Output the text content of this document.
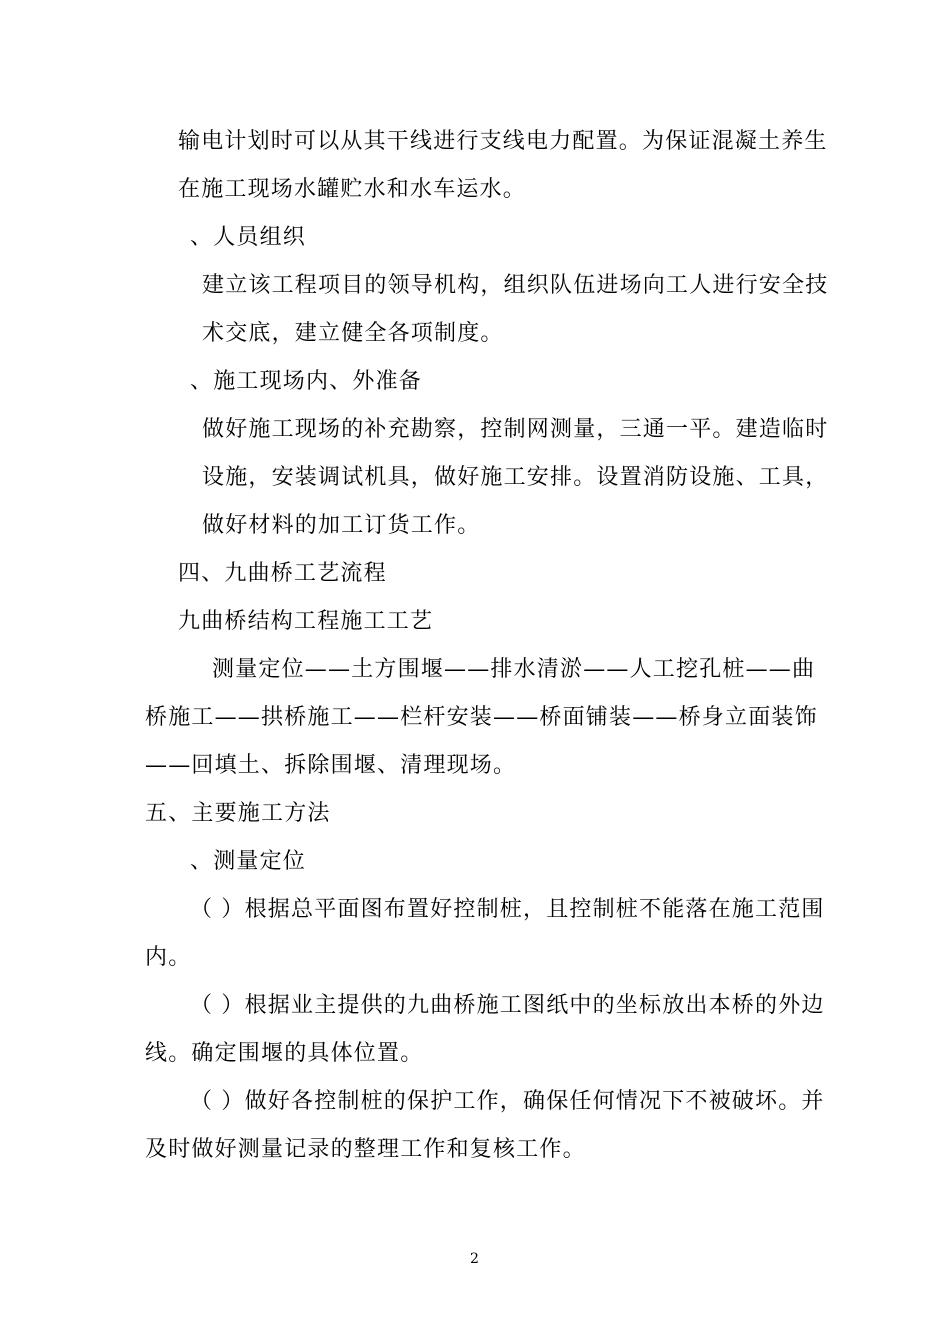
输电计划时可以从其干线进行支线电力配置。为保证混凝土养生
在施工现场水罐贮水和水车运水。
、人员组织
建立该工程项目的领导机构，组织队伍进场向工人进行安全技
术交底，建立健全各项制度。
、施工现场内、外准备
做好施工现场的补充勘察，控制网测量，三通一平。建造临时
设施，安装调试机具，做好施工安排。设置消防设施、工具，
做好材料的加工订货工作。
四、九曲桥工艺流程
九曲桥结构工程施工工艺
测量定位——土方围堰——排水清淤——人工挖孔桩——曲
桥施工——拱桥施工——栏杆安装——桥面铺装——桥身立面装饰
——回填土、拆除围堰、清理现场。
五、主要施工方法
、测量定位
（ ）根据总平面图布置好控制桩，且控制桩不能落在施工范围
内。
（ ）根据业主提供的九曲桥施工图纸中的坐标放出本桥的外边
线。确定围堰的具体位置。
（ ）做好各控制桩的保护工作，确保任何情况下不被破坏。并
及时做好测量记录的整理工作和复核工作。
2
